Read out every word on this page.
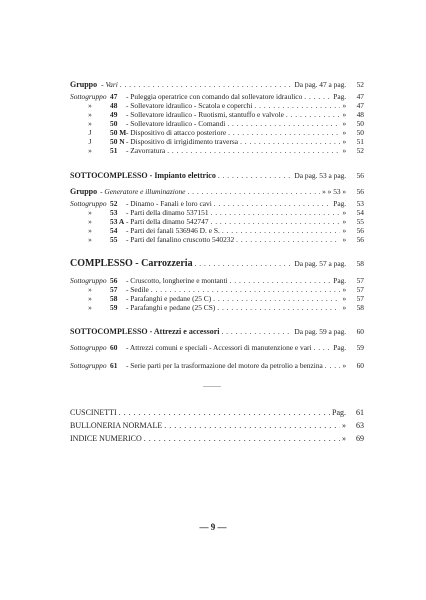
Gruppo - Vari . . .	Da pag. 47 a pag. 52
Sottogruppo 47	- Puleggia operatrice con comando dal sollevatore idraulico . . .	Pag. 47
»	48	- Sollevatore idraulico - Scatola e coperchi . . .	» 47
»	49	- Sollevatore idraulico - Ruotismi, stantuffo e valvole . . .	» 48
»	50	- Sollevatore idraulico - Comandi . . .	» 50
J	50 M - Dispositivo di attacco posteriore . . .	» 50
J	50 N - Dispositivo di irrigidimento traversa . . .	» 51
»	51	- Zavorratura . . .	» 52
SOTTOCOMPLESSO - Impianto elettrico . . .	Da pag. 53 a pag. 56
Gruppo - Generatore e illuminazione . . .	» » 53 » 56
Sottogruppo 52	- Dinamo - Fanali e loro cavi . . .	Pag. 53
»	53	- Parti della dinamo 537151 . . .	» 54
»	53 A - Parti della dinamo 542747 . . .	» 55
»	54	- Parti dei fanali 536946 D. e S. . . .	» 56
»	55	- Parti del fanalino cruscotto 540232 . . .	» 56
COMPLESSO - Carrozzeria . . .	Da pag. 57 a pag. 58
Sottogruppo 56	- Cruscotto, longherine e montanti . . .	Pag. 57
»	57	- Sedile . . .	» 57
»	58	- Parafanghi e pedane (25 C) . . .	» 57
»	59	- Parafanghi e pedane (25 CS) . . .	» 58
SOTTOCOMPLESSO - Attrezzi e accessori . . .	Da pag. 59 a pag. 60
Sottogruppo 60	- Attrezzi comuni e speciali - Accessori di manutenzione e vari . . .	Pag. 59
Sottogruppo 61	- Serie parti per la trasformazione del motore da petrolio a benzina . . .	» 60
CUSCINETTI . . .	Pag. 61
BULLONERIA NORMALE . . .	» 63
INDICE NUMERICO . . .	» 69
— 9 —
